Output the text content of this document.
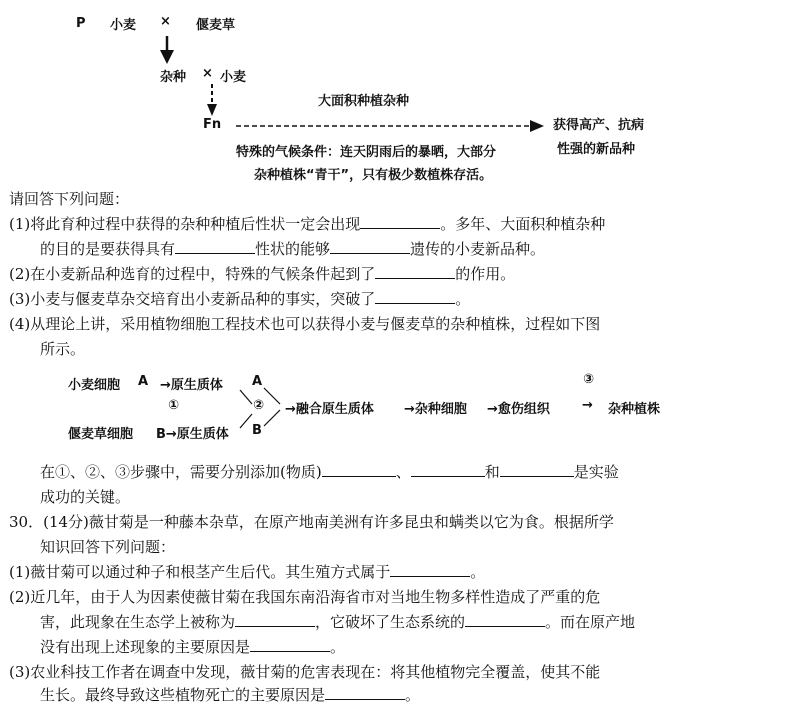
P 小麦 × 偃麦草
杂种 × 小麦
Fn
大面积种植杂种
获得高产、抗病
性强的新品种
特殊的气候条件：连天阴雨后的暴晒，大部分
杂种植株“青干”，只有极少数植株存活。
请回答下列问题：
(1)将此育种过程中获得的杂种种植后性状一定会出现	。多年、大面积种植杂种
的目的是要获得具有	性状的能够	遗传的小麦新品种。
(2)在小麦新品种选育的过程中，特殊的气候条件起到了	的作用。
(3)小麦与偃麦草杂交培育出小麦新品种的事实，突破了	。
(4)从理论上讲，采用植物细胞工程技术也可以获得小麦与偃麦草的杂种植株，过程如下图
所示。
小麦细胞 A →原生质体 A	③
①	② →融合原生质体 →杂种细胞 →愈伤组织 → 杂种植株
偃麦草细胞 B→原生质体 B
在①、②、③步骤中，需要分别添加(物质)	、	和	是实验
成功的关键。
30．(14分)薇甘菊是一种藤本杂草，在原产地南美洲有许多昆虫和螨类以它为食。根据所学
知识回答下列问题：
(1)薇甘菊可以通过种子和根茎产生后代。其生殖方式属于	。
(2)近几年，由于人为因素使薇甘菊在我国东南沿海省市对当地生物多样性造成了严重的危
害，此现象在生态学上被称为	，它破坏了生态系统的	。而在原产地
没有出现上述现象的主要原因是	。
(3)农业科技工作者在调查中发现，薇甘菊的危害表现在：将其他植物完全覆盖，使其不能
生长。最终导致这些植物死亡的主要原因是	。
